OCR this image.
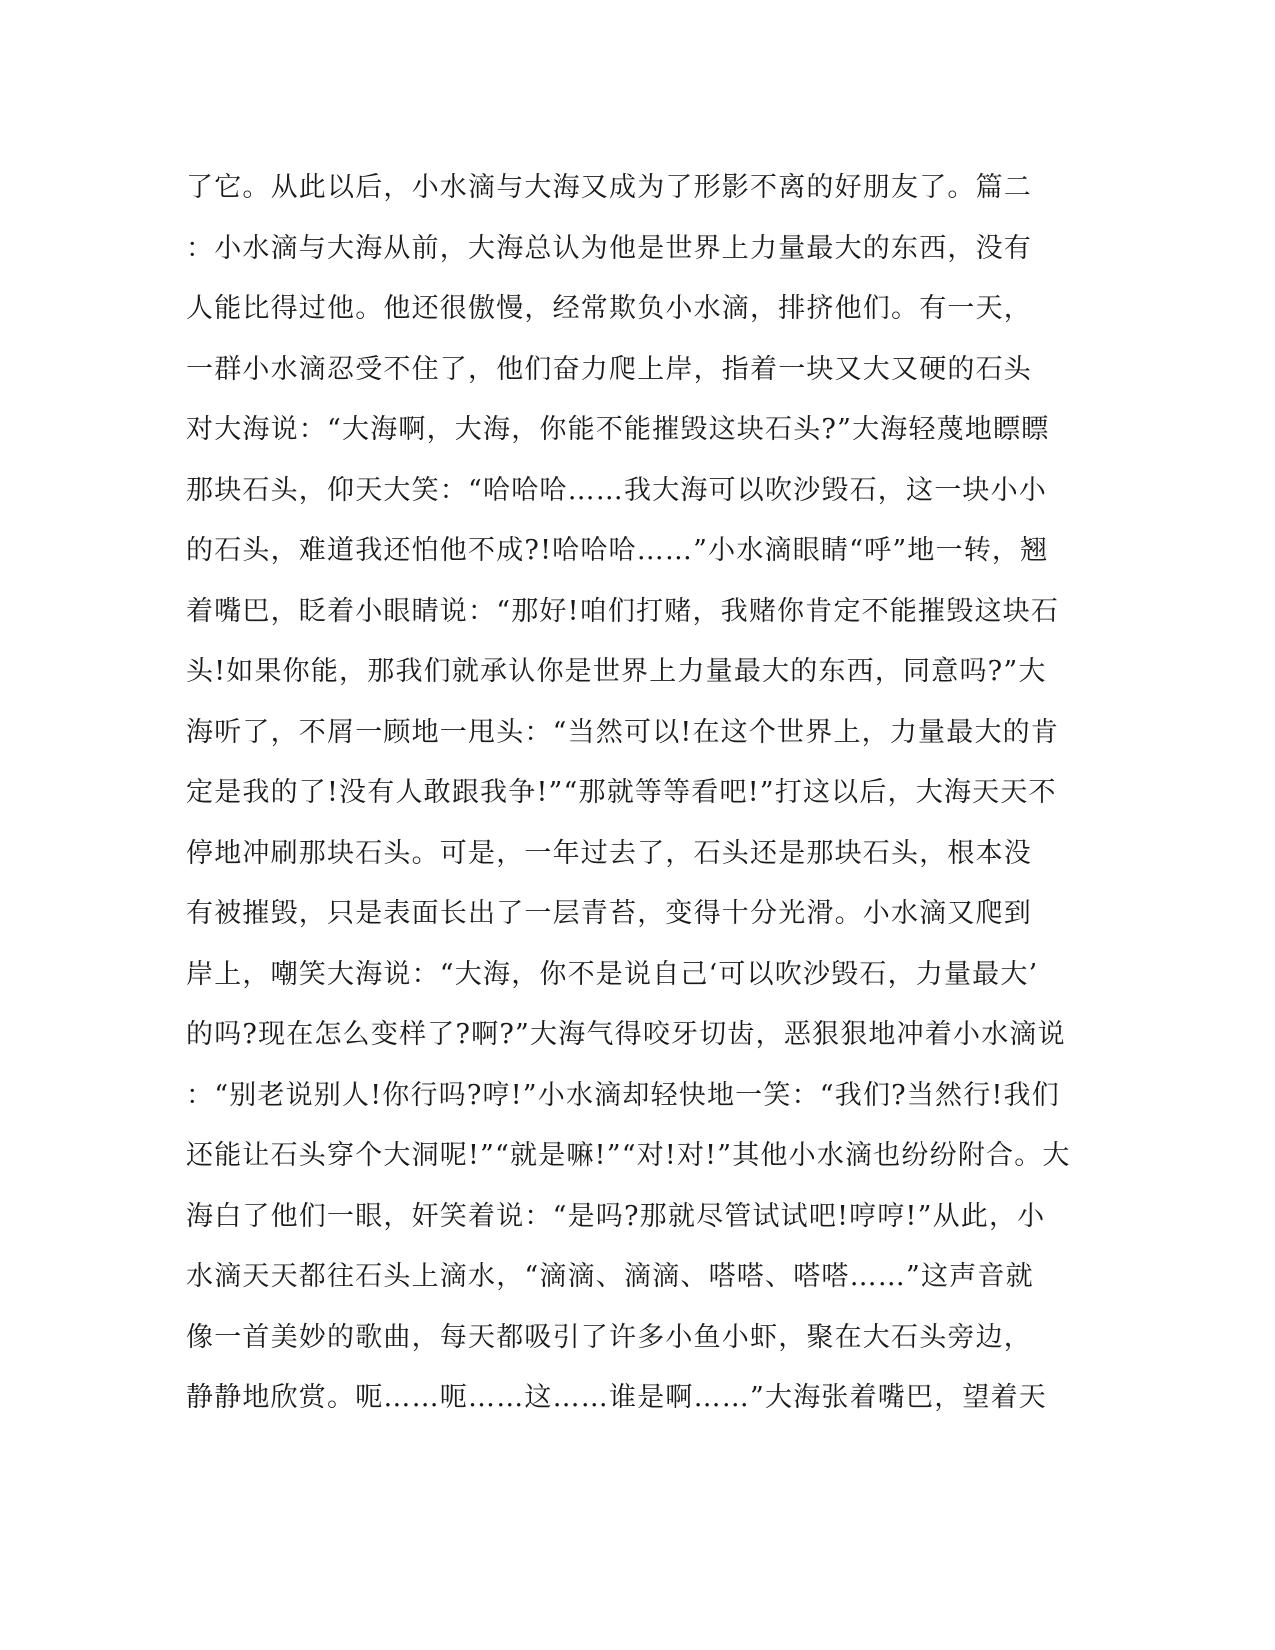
了它。从此以后，小水滴与大海又成为了形影不离的好朋友了。篇二
：小水滴与大海从前，大海总认为他是世界上力量最大的东西，没有
人能比得过他。他还很傲慢，经常欺负小水滴，排挤他们。有一天，
一群小水滴忍受不住了，他们奋力爬上岸，指着一块又大又硬的石头
对大海说：“大海啊，大海，你能不能摧毁这块石头?”大海轻蔑地瞟瞟
那块石头，仰天大笑：“哈哈哈……我大海可以吹沙毁石，这一块小小
的石头，难道我还怕他不成?!哈哈哈……”小水滴眼睛“呼”地一转，翘
着嘴巴，眨着小眼睛说：“那好!咱们打赌，我赌你肯定不能摧毁这块石
头!如果你能，那我们就承认你是世界上力量最大的东西，同意吗?”大
海听了，不屑一顾地一甩头：“当然可以!在这个世界上，力量最大的肯
定是我的了!没有人敢跟我争!”“那就等等看吧!”打这以后，大海天天不
停地冲刷那块石头。可是，一年过去了，石头还是那块石头，根本没
有被摧毁，只是表面长出了一层青苔，变得十分光滑。小水滴又爬到
岸上，嘲笑大海说：“大海，你不是说自己‘可以吹沙毁石，力量最大’
的吗?现在怎么变样了?啊?”大海气得咬牙切齿，恶狠狠地冲着小水滴说
：“别老说别人!你行吗?哼!”小水滴却轻快地一笑：“我们?当然行!我们
还能让石头穿个大洞呢!”“就是嘛!”“对!对!”其他小水滴也纷纷附合。大
海白了他们一眼，奸笑着说：“是吗?那就尽管试试吧!哼哼!”从此，小
水滴天天都往石头上滴水，“滴滴、滴滴、嗒嗒、嗒嗒……”这声音就
像一首美妙的歌曲，每天都吸引了许多小鱼小虾，聚在大石头旁边，
静静地欣赏。呃……呃……这……谁是啊……”大海张着嘴巴，望着天
